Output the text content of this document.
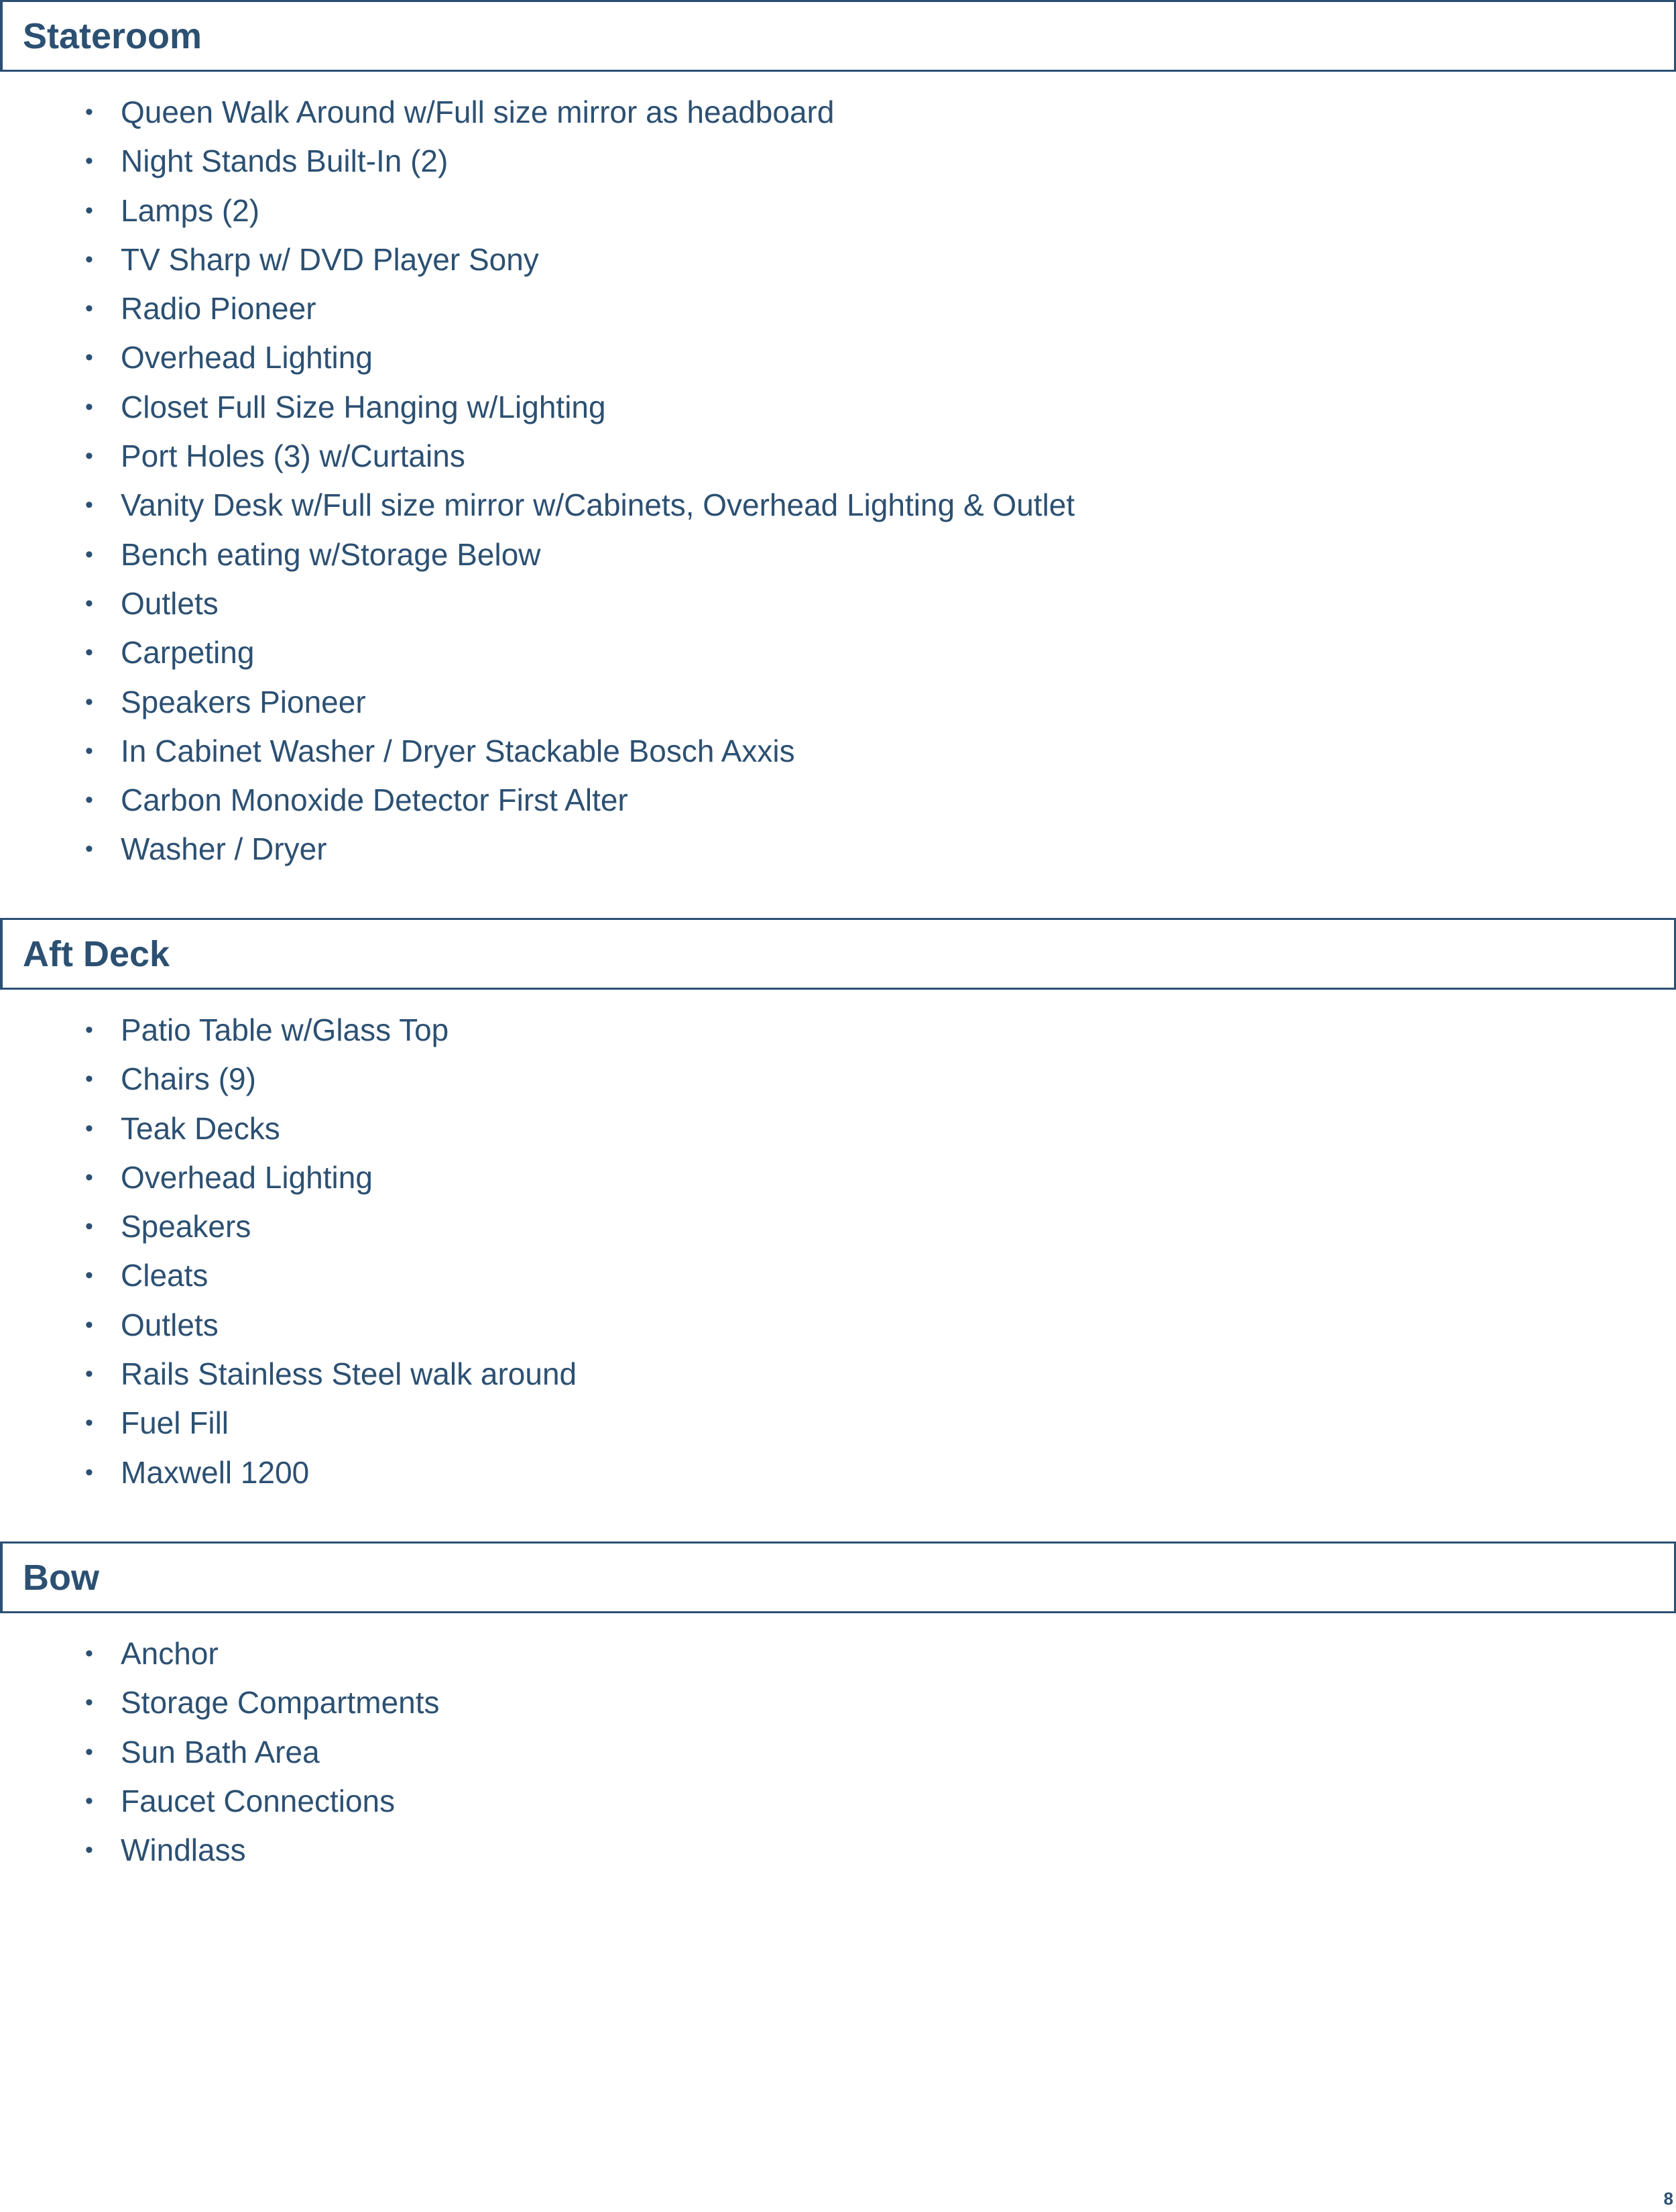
Stateroom
• Queen Walk Around w/Full size mirror as headboard
• Night Stands Built-In (2)
• Lamps (2)
• TV Sharp w/ DVD Player Sony
• Radio Pioneer
• Overhead Lighting
• Closet Full Size Hanging w/Lighting
• Port Holes (3) w/Curtains
• Vanity Desk w/Full size mirror w/Cabinets, Overhead Lighting & Outlet
• Bench eating w/Storage Below
• Outlets
• Carpeting
• Speakers Pioneer
• In Cabinet Washer / Dryer Stackable Bosch Axxis
• Carbon Monoxide Detector First Alter
• Washer / Dryer
Aft Deck
• Patio Table w/Glass Top
• Chairs (9)
• Teak Decks
• Overhead Lighting
• Speakers
• Cleats
• Outlets
• Rails Stainless Steel walk around
• Fuel Fill
• Maxwell 1200
Bow
• Anchor
• Storage Compartments
• Sun Bath Area
• Faucet Connections
• Windlass
8
